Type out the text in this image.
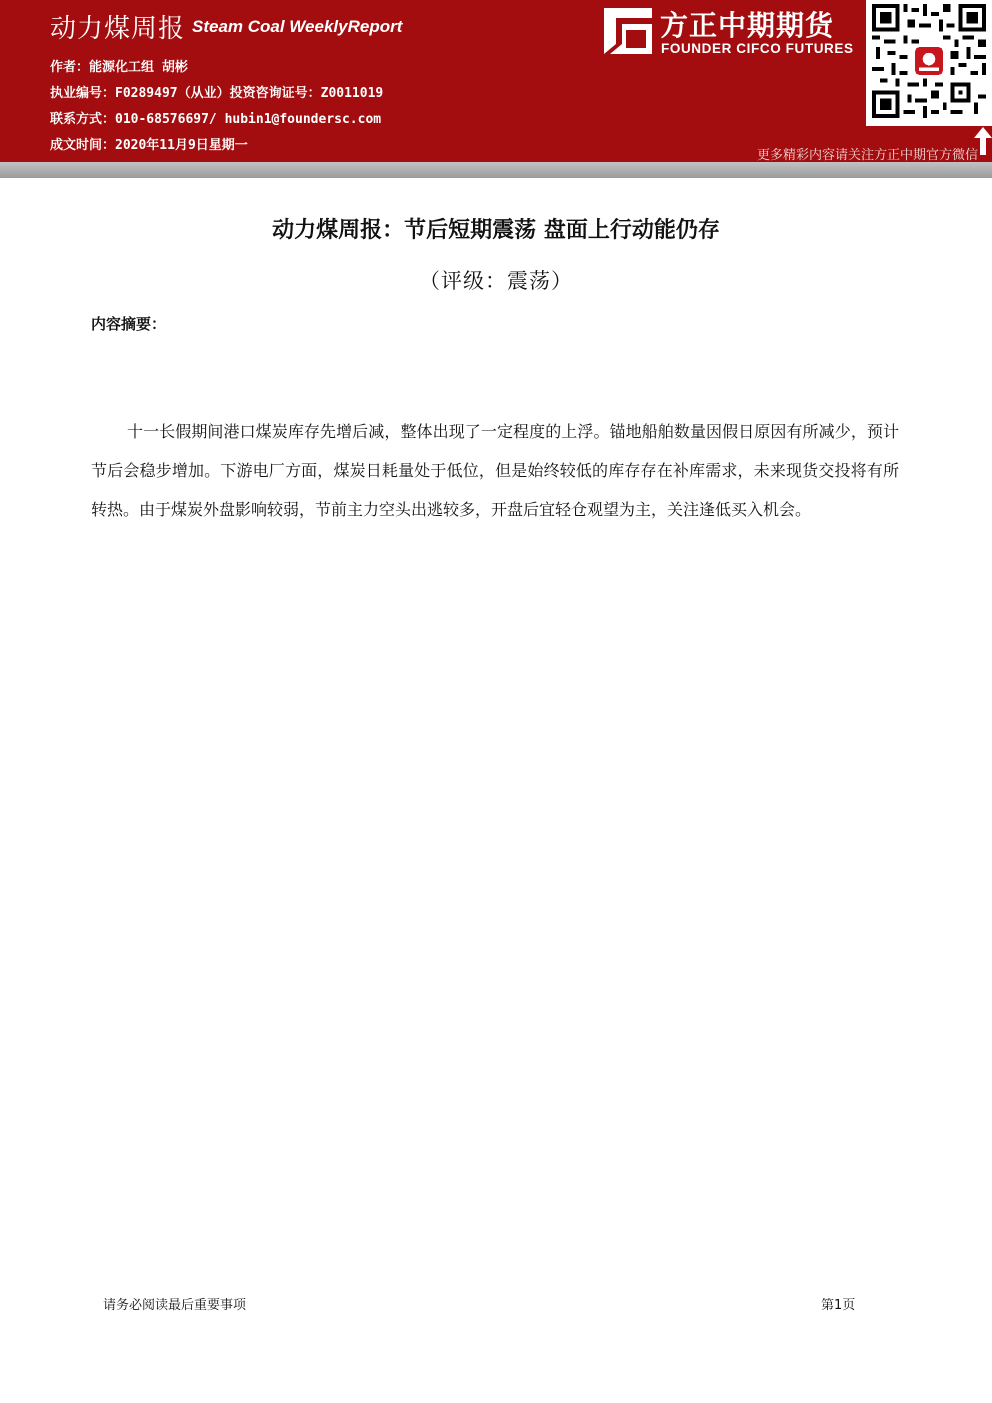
动力煤周报 Steam Coal WeeklyReport
作者：能源化工组 胡彬
执业编号：F0289497（从业）投资咨询证号：Z0011019
联系方式：010-68576697/ hubin1@foundersc.com
成文时间：2020年11月9日星期一
方正中期期货
FOUNDER CIFCO FUTURES
更多精彩内容请关注方正中期官方微信
动力煤周报：节后短期震荡 盘面上行动能仍存
（评级：震荡）
内容摘要：

十一长假期间港口煤炭库存先增后减，整体出现了一定程度的上浮。锚地船舶数量因假日原因有所减少，预计节后会稳步增加。下游电厂方面，煤炭日耗量处于低位，但是始终较低的库存存在补库需求，未来现货交投将有所转热。由于煤炭外盘影响较弱，节前主力空头出逃较多，开盘后宜轻仓观望为主，关注逢低买入机会。

请务必阅读最后重要事项	第1页
